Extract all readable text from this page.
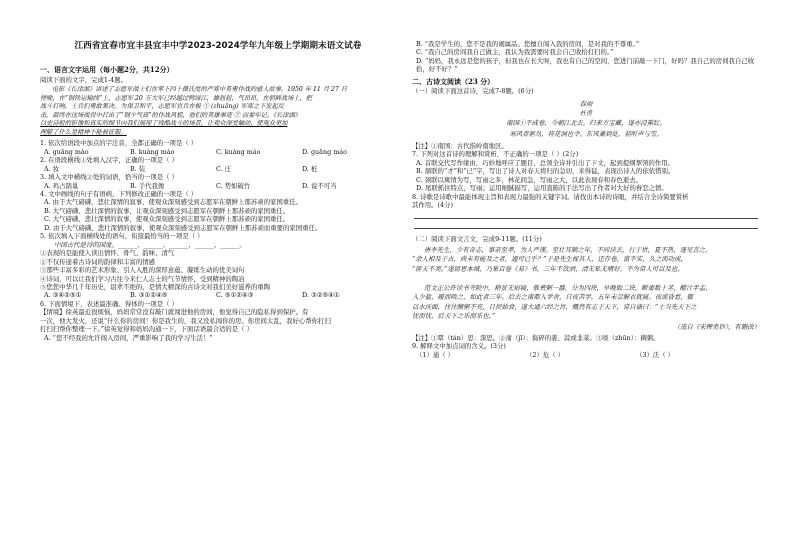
江西省宜春市宜丰县宜丰中学2023-2024学年九年级上学期期末语文试卷
一、语言文字运用（每小题2分，共12分）
阅读下面的文字，完成1-4题。
电影《长津湖》讲述了志愿军战士们在零下四十摄氏度的严寒中英勇作战的感人故事。1950 年 11 月 27 日
傍晚，在“钢铁运输线”上，志愿军 20 万大军已经越过鸭绿江，雄赳赳、气昂昂，在朝鲜战场上，把
战斗打响，士兵们勇敢果决。为保卫和平，志愿军官兵在极 ① (zhuāng) 军寒之下发起反
击，最终在这场战役中打出了“钢少气高”的作战风貌，他们的英雄事迹 ② 而要牢记。《长津湖》
以史诗般的影像和真实的细节向我们展现了残酷战斗的场景，让观众深受触动，使观众更加
理解了什么是精神不能被征服。
1. 依次给语段中加点的字注音，全都正确的一项是（ ）
A. guāng mào	B. kuàng mào	C. kuàng máo	D. guāng máo
2. 在语段横线①处填入汉字，正确的一项是（ ）
A. 妆	B. 装	C. 庄	D. 桩
3. 填入文中横线②处的词语，恰当的一项是（ ）
A. 鸡占鹊巢	B. 手代我像	C. 势如破竹	D. 说不可当
4. 文中画线的句子有语病，下列修改正确的一项是（ ）
A. 由于大气磅礴、悲壮深情的叙事，使观众深刻感受到志愿军在朝鲜上那苏顽的家国重任。
B. 大气磅礴、悲壮深情的叙事，让观众深刻感受到志愿军在朝鲜上那苏顽的家国重任。
C. 大气磅礴、悲壮深情的叙事，使观众深刻感受到志愿军在朝鲜上那苏顽的家国重任。
D. 由于大气磅礴、悲壮深情的叙事，使观众深刻感受到志愿军在朝鲜上那苏顽而重要的家国重任。
5. 依次填入下面横线处的语句，衔接最恰当的一项是（ ）
中国古代是诗的国度。______、______、______、______、______。
①表现的是能使人读出情怀、骨气、韵味、清气
②不仅传递着古诗词的韵律和丰富的情感
③那些丰富多彩的艺术形象、引人入胜的深厚意蕴、凝练生动的优美词句
④诗词，可以让我们学习古往今来仁人志士的气节情怀，受到精神的陶冶
⑤您您中华几千年历史，诅辈不绝的，是情大精深的古诗文对我们美好滋养的重陶
A. ③④②⑤①	B. ③①②④⑤	C. ⑤①②④③	D. ③②⑤④①
6. 下面情境下，表述最准确、得体的一项是（ ）
【情境】徐英最近很烦恼，妈妈常常没有敲门就闯进他的房间，他觉得自己的隐私得到保护。有
一次，他大发火，还说“什么你的房间！你是我生的，我又没私闯你的房。你房间太乱，我好心帮你打扫
打扫扫帮你整理一下。”徐英觉得和妈妈沟通一下，下面话语最合适的是（ ）
A. “您不经我的允许闯入房间，严重影响了我的学习生活！”
B. “我是学生的，您不是我的闹属品。您擅自闯入我的房间，是对我的不尊重。”
C. “我自己的房间我自己做主，我认为我需要时我会自己收拾打扫的。”
D. “妈妈，我永远是您的孩子，但我也在长大呀，我也有自己的空间，您进门前敲一下门，好吗？我自己的房间我自己收拾，好不好？”
二、古诗文阅读（23 分）
（一）阅读下面这首诗，完成7-8题。(6分)
春雨
杜甫
南国①不成卷，今朝江北去。归来方宝藏，遂亦浸蕉红。
寒风青驱鸟，将花洞也令。东风兼到处，初听声与雪。
【注】①南国：古代指岭南地区。
7. 下列对这首诗的理解和赏析，不正确的一项是（ ）(2分)
A. 首联交代写作缘由，巧妙地呼应了题目，总领全诗并引出了下文，起到提纲挈领的作用。
B. 颔联的“才”和“已”字，写出了诗人对春天将归的急切，来得猛，表现出诗人的依依惜别。
C. 颈联以寓情为写，写雨之多，林花间急，写雨之大，以此表现春和春色逝去。
D. 尾联抓住特点，写雨；运用细腻描写，运用直陈的手法写出了作者对大好的眷恋之情。
8. 诗歌是诗歌中最能体现主旨和表现力最强的关键字词。请找出本诗的诗眼，并结合全诗简要赏析
其作用。(4分)
（二）阅读下面文言文，完成9-11题。(11分)
唐李先生，少有奇志，事亲至孝，为人严谨。至壮耳顺之年，不问读去，行于世，夏不热，逐见言之，
“余人相及于古，尚未有能及之者，通可已乎？”于是先生视其人，还存卷，富不实，久之而功成，
“匪天不亮。”遂居思本城，乃集百卷《易》书，三年不饮酒，清无私无嗜好，不为常人可以及也。
范文正公许读书寺院中，稍贫无宿寝，惟煮粥一器，分为四块，早晚取二块，断齑数十茎，醋汁半盂，
入少盐，暖而啖之，如此者三年。后去之南都入学舍，日夜苦学，五年未尝解衣就寝。夜或昏怠，辄
以水沃面，往往饘粥不充，日昃始食，遂大通六经之旨，慨然有志于天下，常自诵曰：“士当先天下之
忧而忧，后天下之乐而乐也。”
（选自《宋稗类钞》，有删改）
【注】①覃（tán）思：深思。②齑（jī）：捣碎的姜、蒜或韭菜。③啖（zhūn）：稠粥。
9. 解释文中加点词的含义。(3分)
（1）通（ ）	（2）危（ ）	（3）沃（ ）
